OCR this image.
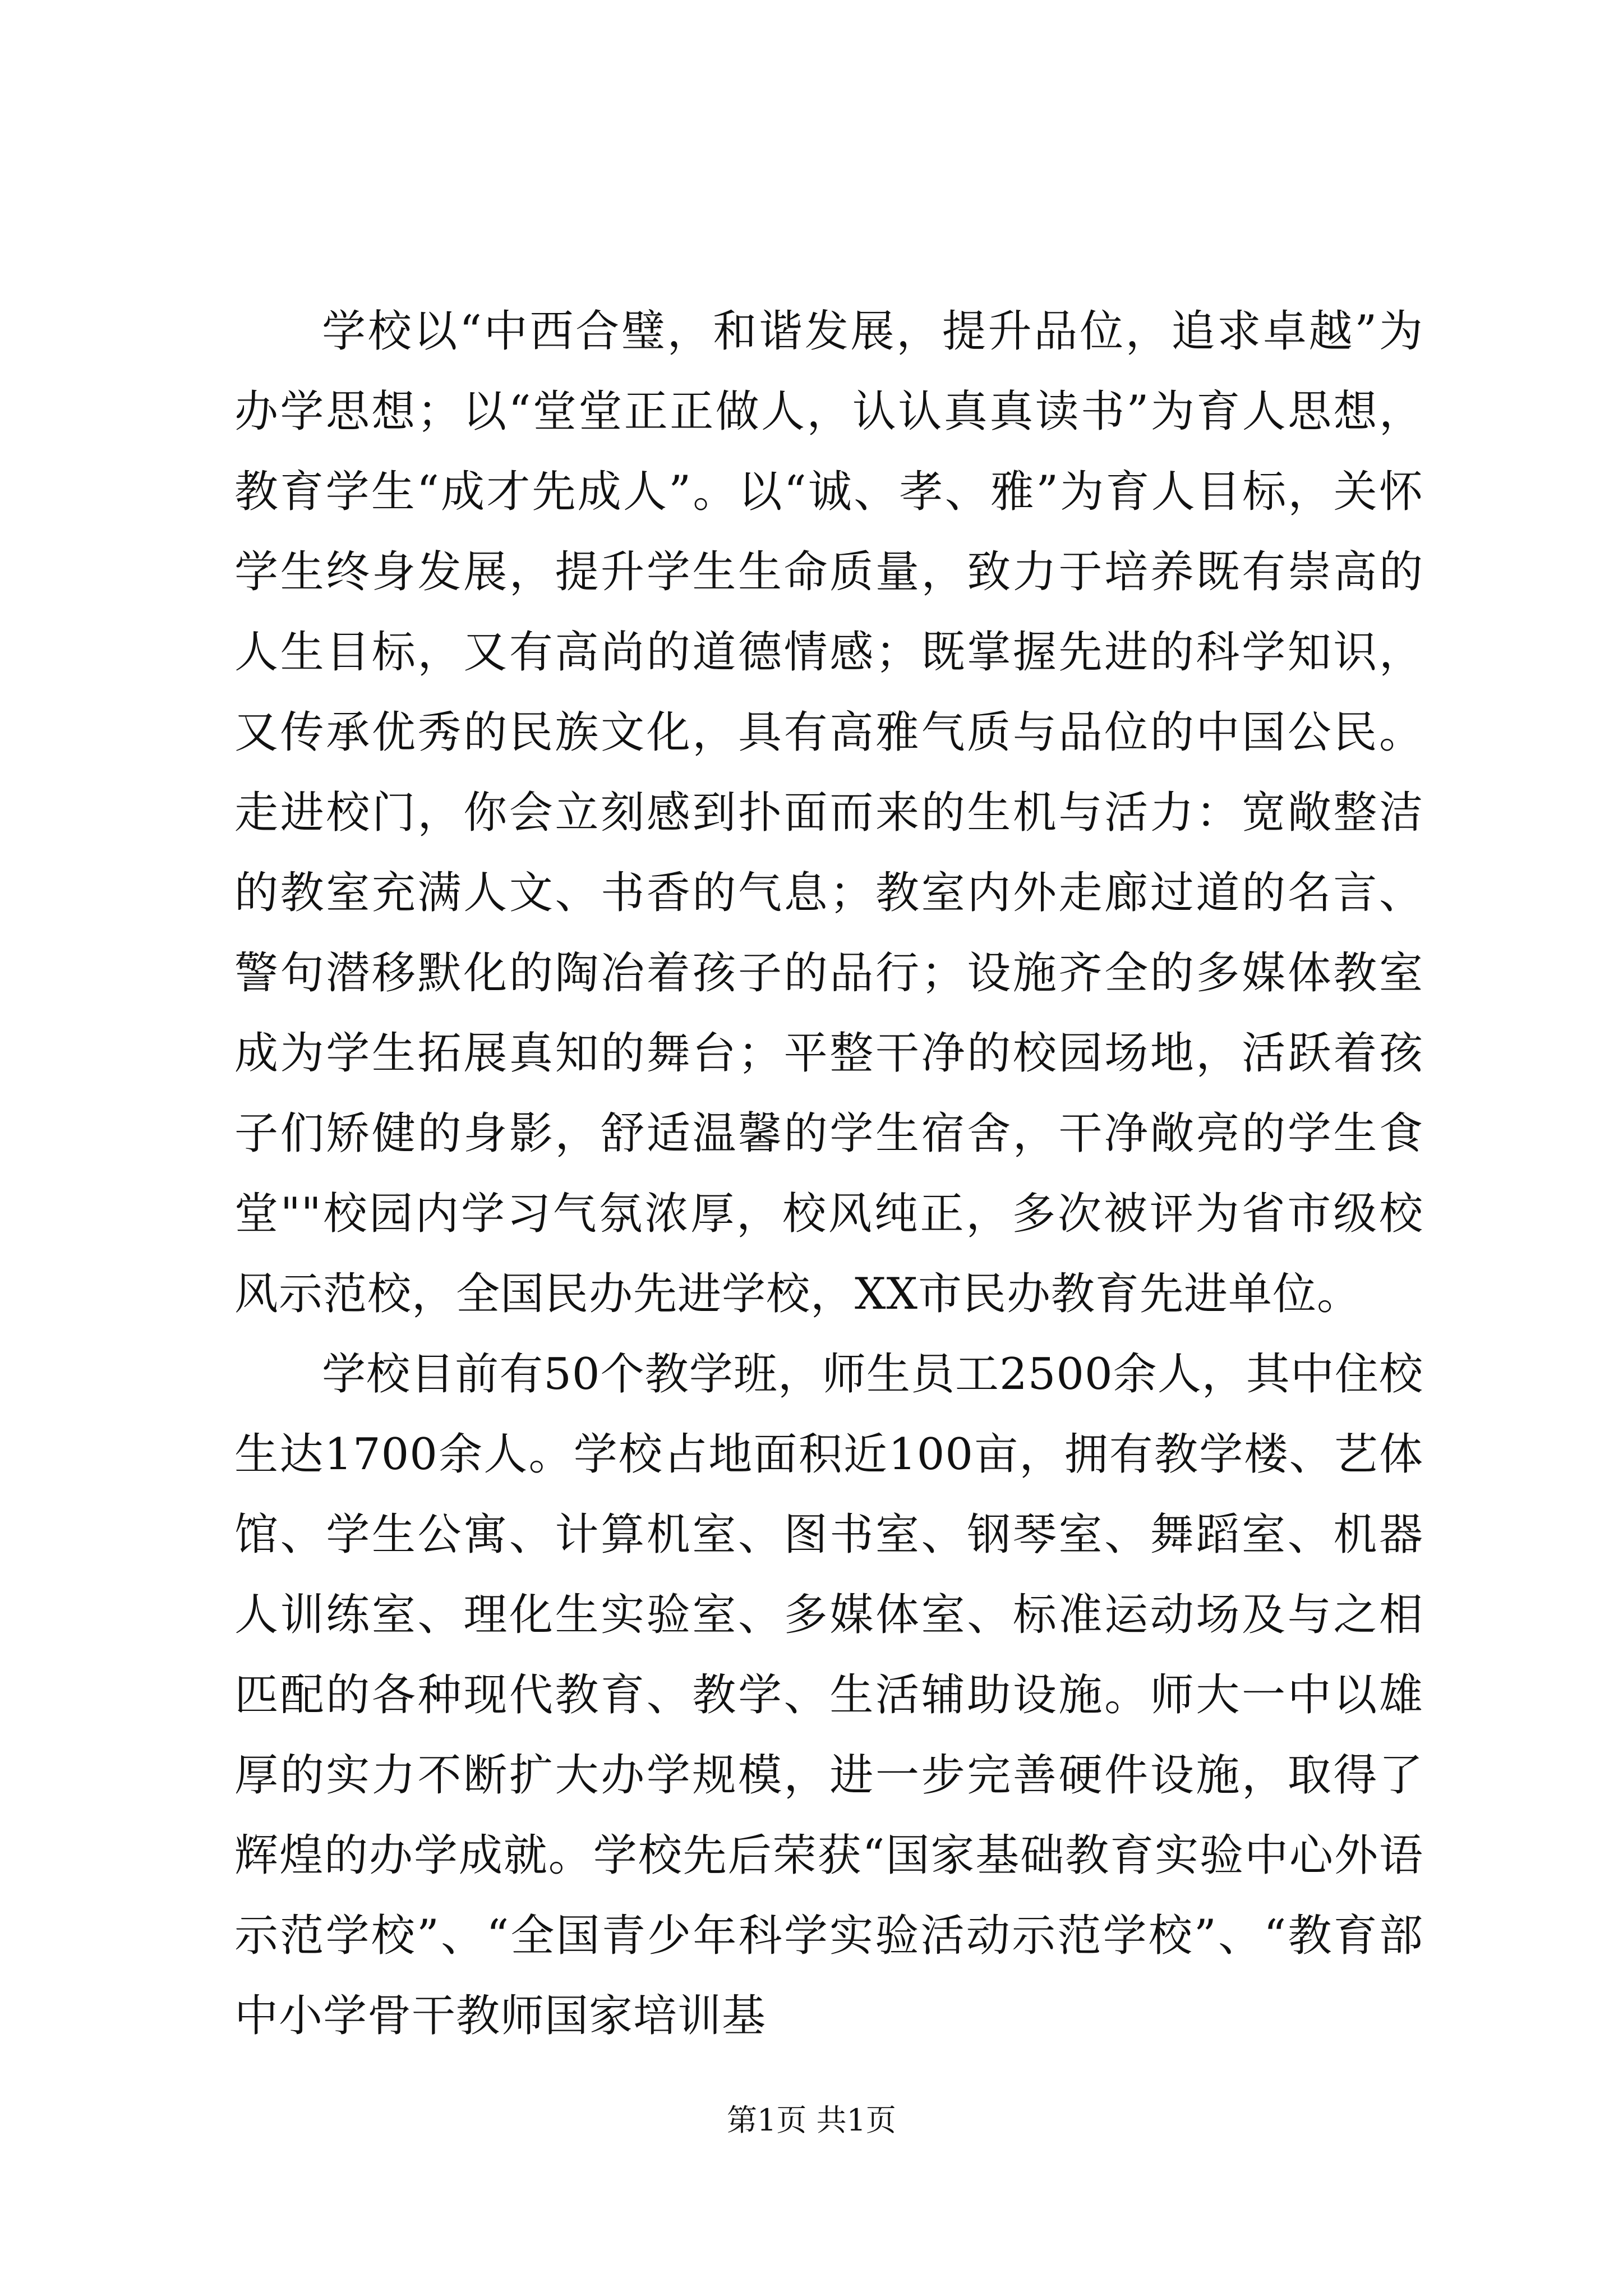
学校以“中西合璧，和谐发展，提升品位，追求卓越”为办学思想；以“堂堂正正做人，认认真真读书”为育人思想，教育学生“成才先成人”。以“诚、孝、雅”为育人目标，关怀学生终身发展，提升学生生命质量，致力于培养既有崇高的人生目标，又有高尚的道德情感；既掌握先进的科学知识，又传承优秀的民族文化，具有高雅气质与品位的中国公民。走进校门，你会立刻感到扑面而来的生机与活力：宽敞整洁的教室充满人文、书香的气息；教室内外走廊过道的名言、警句潜移默化的陶冶着孩子的品行；设施齐全的多媒体教室成为学生拓展真知的舞台；平整干净的校园场地，活跃着孩子们矫健的身影，舒适温馨的学生宿舍，干净敞亮的学生食堂""校园内学习气氛浓厚，校风纯正，多次被评为省市级校风示范校，全国民办先进学校，XX市民办教育先进单位。

学校目前有50个教学班，师生员工2500余人，其中住校生达1700余人。学校占地面积近100亩，拥有教学楼、艺体馆、学生公寓、计算机室、图书室、钢琴室、舞蹈室、机器人训练室、理化生实验室、多媒体室、标准运动场及与之相匹配的各种现代教育、教学、生活辅助设施。师大一中以雄厚的实力不断扩大办学规模，进一步完善硬件设施，取得了辉煌的办学成就。学校先后荣获“国家基础教育实验中心外语示范学校”、“全国青少年科学实验活动示范学校”、“教育部中小学骨干教师国家培训基

第1页 共1页
